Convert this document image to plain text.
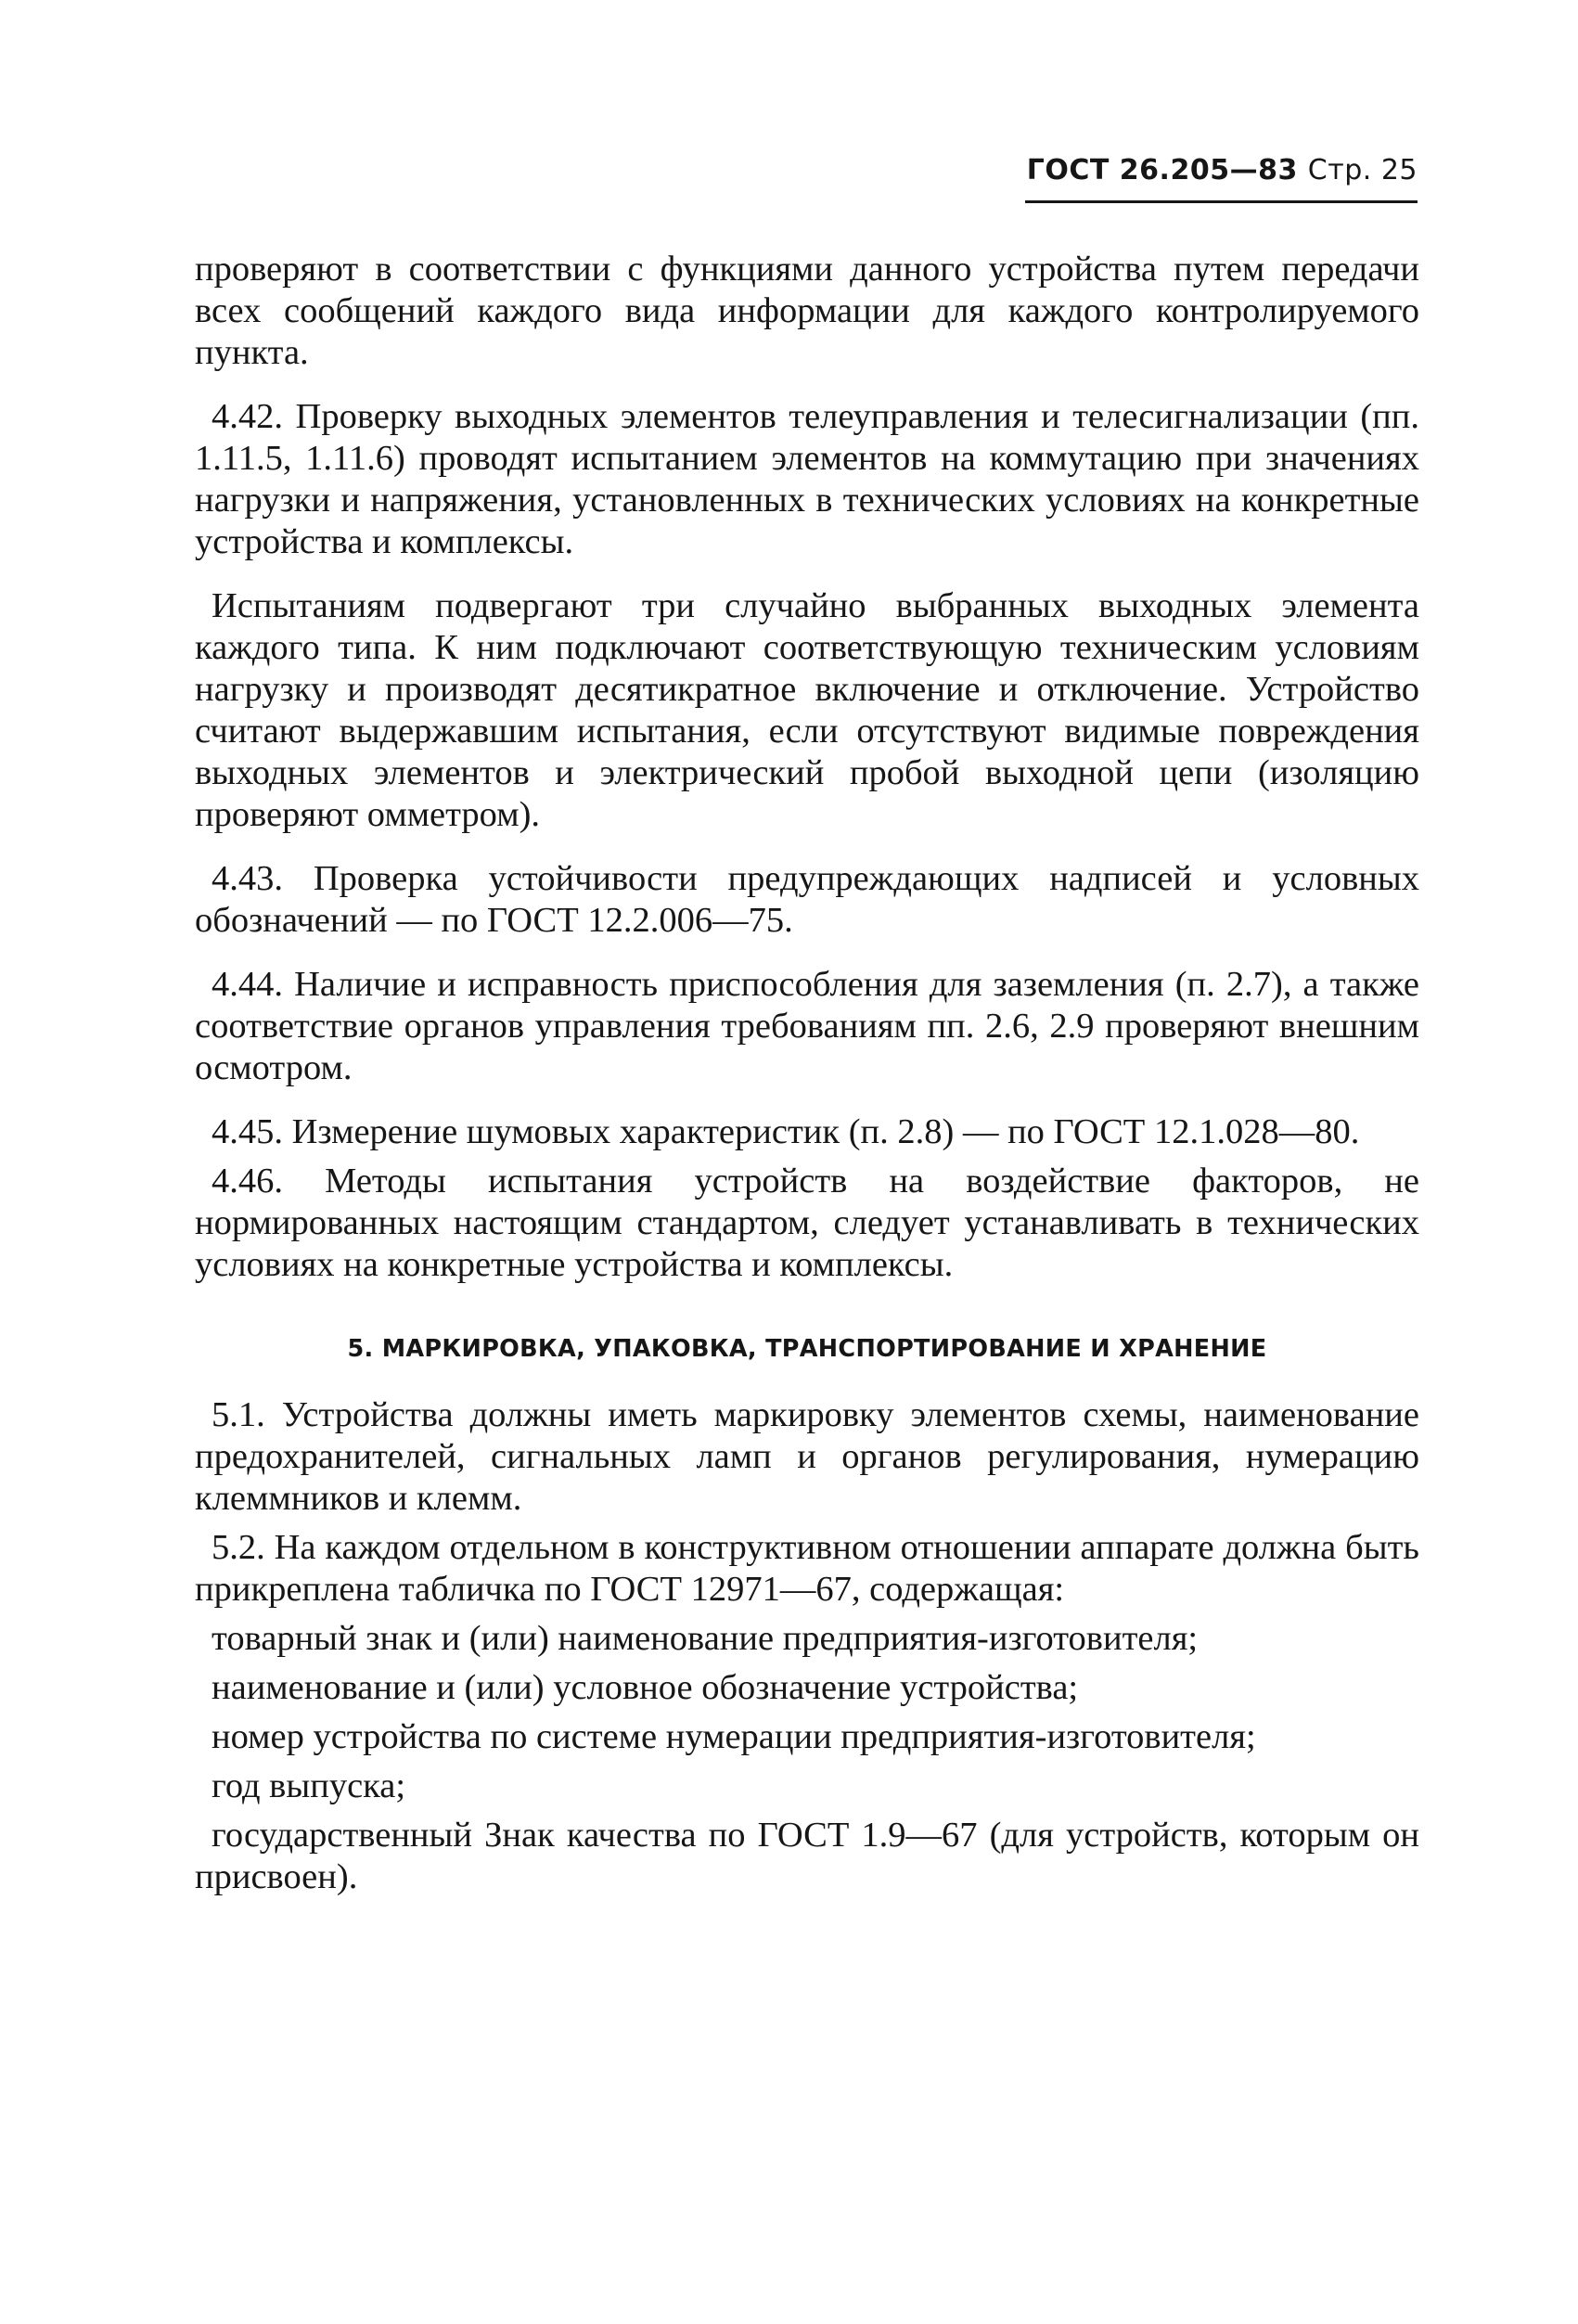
ГОСТ 26.205—83 Стр. 25

проверяют в соответствии с функциями данного устройства путем передачи всех сообщений каждого вида информации для каждого контролируемого пункта.

4.42. Проверку выходных элементов телеуправления и телесигнализации (пп. 1.11.5, 1.11.6) проводят испытанием элементов на коммутацию при значениях нагрузки и напряжения, установленных в технических условиях на конкретные устройства и комплексы.

Испытаниям подвергают три случайно выбранных выходных элемента каждого типа. К ним подключают соответствующую техническим условиям нагрузку и производят десятикратное включение и отключение. Устройство считают выдержавшим испытания, если отсутствуют видимые повреждения выходных элементов и электрический пробой выходной цепи (изоляцию проверяют омметром).

4.43. Проверка устойчивости предупреждающих надписей и условных обозначений — по ГОСТ 12.2.006—75.

4.44. Наличие и исправность приспособления для заземления (п. 2.7), а также соответствие органов управления требованиям пп. 2.6, 2.9 проверяют внешним осмотром.

4.45. Измерение шумовых характеристик (п. 2.8) — по ГОСТ 12.1.028—80.

4.46. Методы испытания устройств на воздействие факторов, не нормированных настоящим стандартом, следует устанавливать в технических условиях на конкретные устройства и комплексы.

5. МАРКИРОВКА, УПАКОВКА, ТРАНСПОРТИРОВАНИЕ И ХРАНЕНИЕ

5.1. Устройства должны иметь маркировку элементов схемы, наименование предохранителей, сигнальных ламп и органов регулирования, нумерацию клеммников и клемм.

5.2. На каждом отдельном в конструктивном отношении аппарате должна быть прикреплена табличка по ГОСТ 12971—67, содержащая:

товарный знак и (или) наименование предприятия-изготовителя;

наименование и (или) условное обозначение устройства;

номер устройства по системе нумерации предприятия-изготовителя;

год выпуска;

государственный Знак качества по ГОСТ 1.9—67 (для устройств, которым он присвоен).
